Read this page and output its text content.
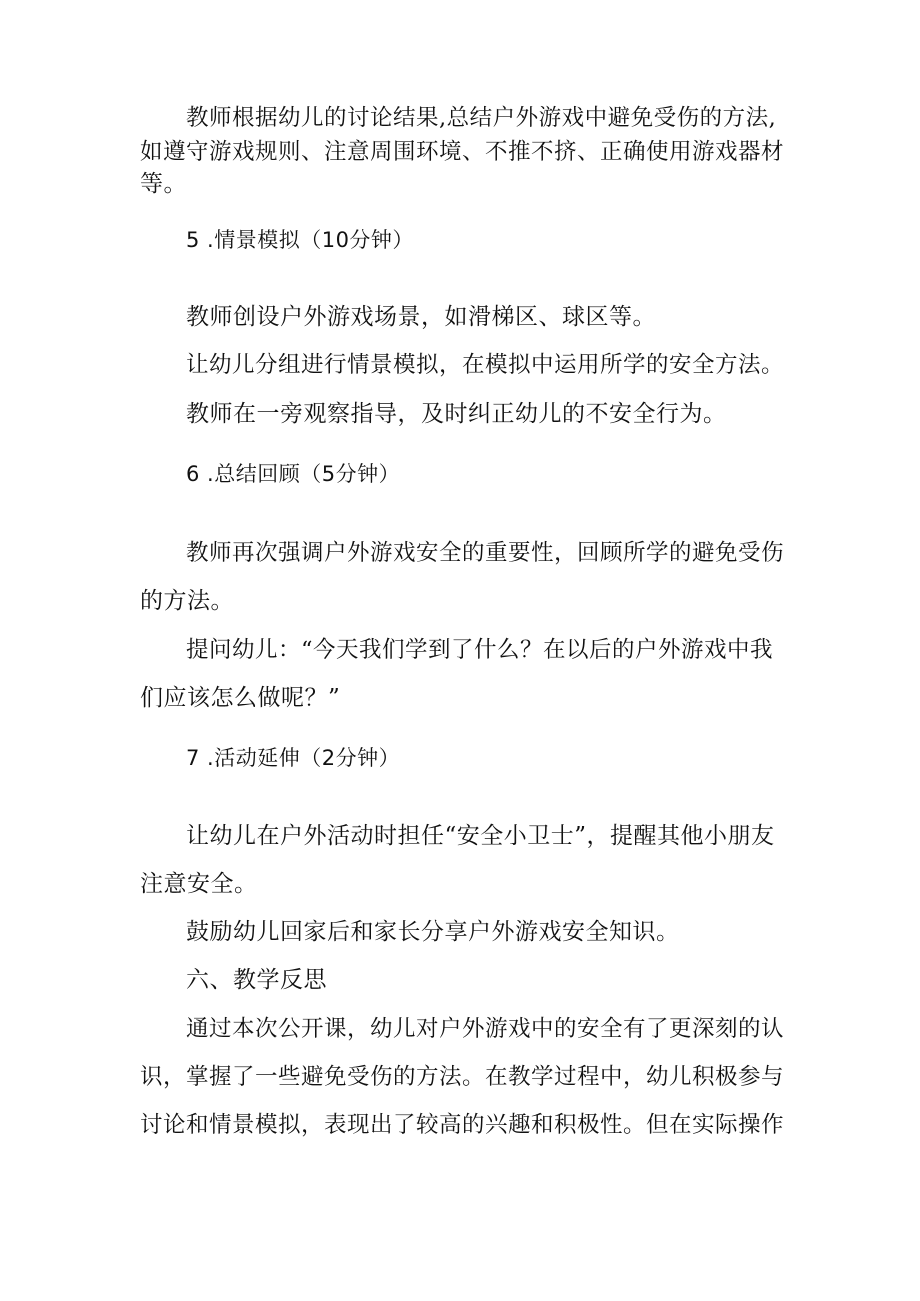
教师根据幼儿的讨论结果,总结户外游戏中避免受伤的方法,
如遵守游戏规则、注意周围环境、不推不挤、正确使用游戏器材
等。
5 .情景模拟（10分钟）
教师创设户外游戏场景，如滑梯区、球区等。
让幼儿分组进行情景模拟，在模拟中运用所学的安全方法。
教师在一旁观察指导，及时纠正幼儿的不安全行为。
6 .总结回顾（5分钟）
教师再次强调户外游戏安全的重要性，回顾所学的避免受伤
的方法。
提问幼儿：“今天我们学到了什么？在以后的户外游戏中我
们应该怎么做呢？”
7 .活动延伸（2分钟）
让幼儿在户外活动时担任“安全小卫士”，提醒其他小朋友
注意安全。
鼓励幼儿回家后和家长分享户外游戏安全知识。
六、教学反思
通过本次公开课，幼儿对户外游戏中的安全有了更深刻的认
识，掌握了一些避免受伤的方法。在教学过程中，幼儿积极参与
讨论和情景模拟，表现出了较高的兴趣和积极性。但在实际操作
